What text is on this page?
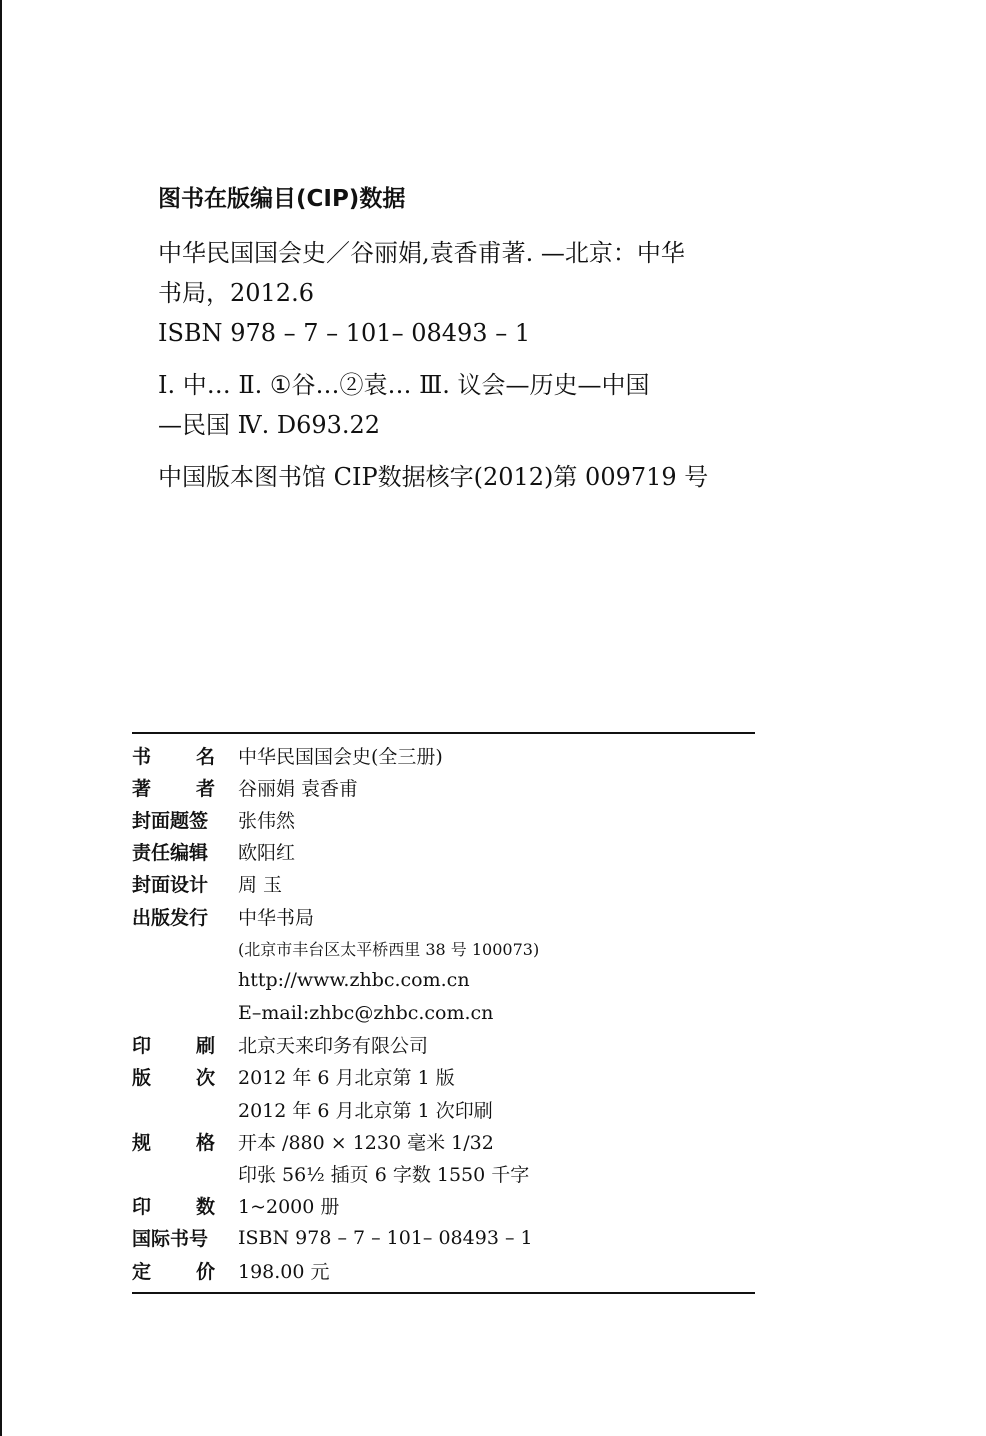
图书在版编目(CIP)数据
中华民国国会史／谷丽娟,袁香甫著. —北京：中华
书局，2012.6
ISBN 978 – 7 – 101– 08493 – 1
Ⅰ. 中… Ⅱ. ①谷…②袁… Ⅲ. 议会—历史—中国
—民国 Ⅳ. D693.22
中国版本图书馆 CIP数据核字(2012)第 009719 号
书 名 中华民国国会史(全三册)
著 者 谷丽娟 袁香甫
封面题签 张伟然
责任编辑 欧阳红
封面设计 周 玉
出版发行 中华书局
(北京市丰台区太平桥西里 38 号 100073)
http://www.zhbc.com.cn
E–mail:zhbc@zhbc.com.cn
印 刷 北京天来印务有限公司
版 次 2012 年 6 月北京第 1 版
2012 年 6 月北京第 1 次印刷
规 格 开本 /880 × 1230 毫米 1/32
印张 56½ 插页 6 字数 1550 千字
印 数 1~2000 册
国际书号 ISBN 978 – 7 – 101– 08493 – 1
定 价 198.00 元
